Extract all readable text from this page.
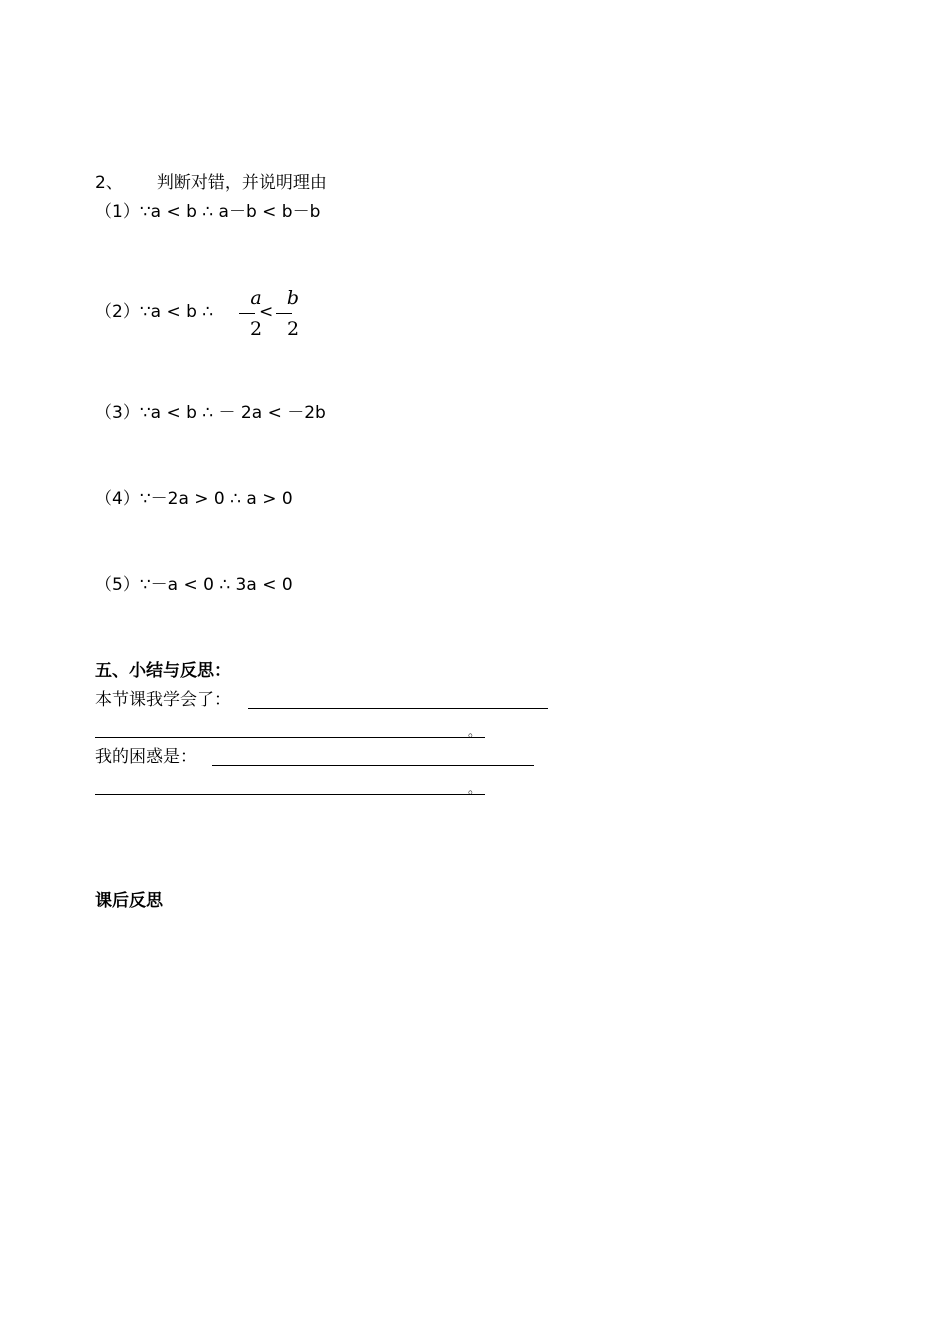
2、 判断对错，并说明理由
（1）∵a < b ∴ a－b < b－b
（2）∵a < b ∴
a
2
<
b
2
（3）∵a < b ∴ － 2a < －2b
（4）∵－2a > 0 ∴ a > 0
（5）∵－a < 0 ∴ 3a < 0
五、小结与反思：
本节课我学会了：
。
我的困惑是：
。
课后反思
